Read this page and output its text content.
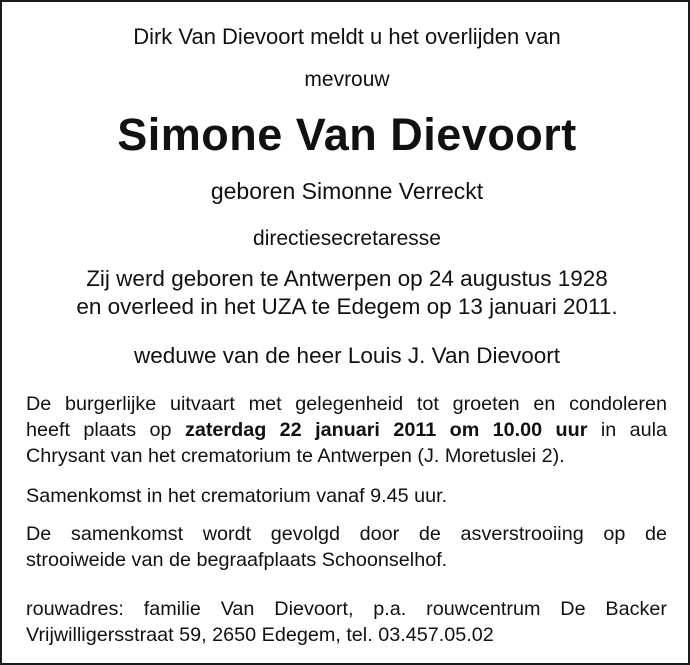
Dirk Van Dievoort meldt u het overlijden van
mevrouw
Simone Van Dievoort
geboren Simonne Verreckt
directiesecretaresse
Zij werd geboren te Antwerpen op 24 augustus 1928
en overleed in het UZA te Edegem op 13 januari 2011.
weduwe van de heer Louis J. Van Dievoort
De burgerlijke uitvaart met gelegenheid tot groeten en condoleren
heeft plaats op zaterdag 22 januari 2011 om 10.00 uur in aula
Chrysant van het crematorium te Antwerpen (J. Moretuslei 2).
Samenkomst in het crematorium vanaf 9.45 uur.
De samenkomst wordt gevolgd door de asverstrooiing op de
strooiweide van de begraafplaats Schoonselhof.
rouwadres: familie Van Dievoort, p.a. rouwcentrum De Backer
Vrijwilligersstraat 59, 2650 Edegem, tel. 03.457.05.02
